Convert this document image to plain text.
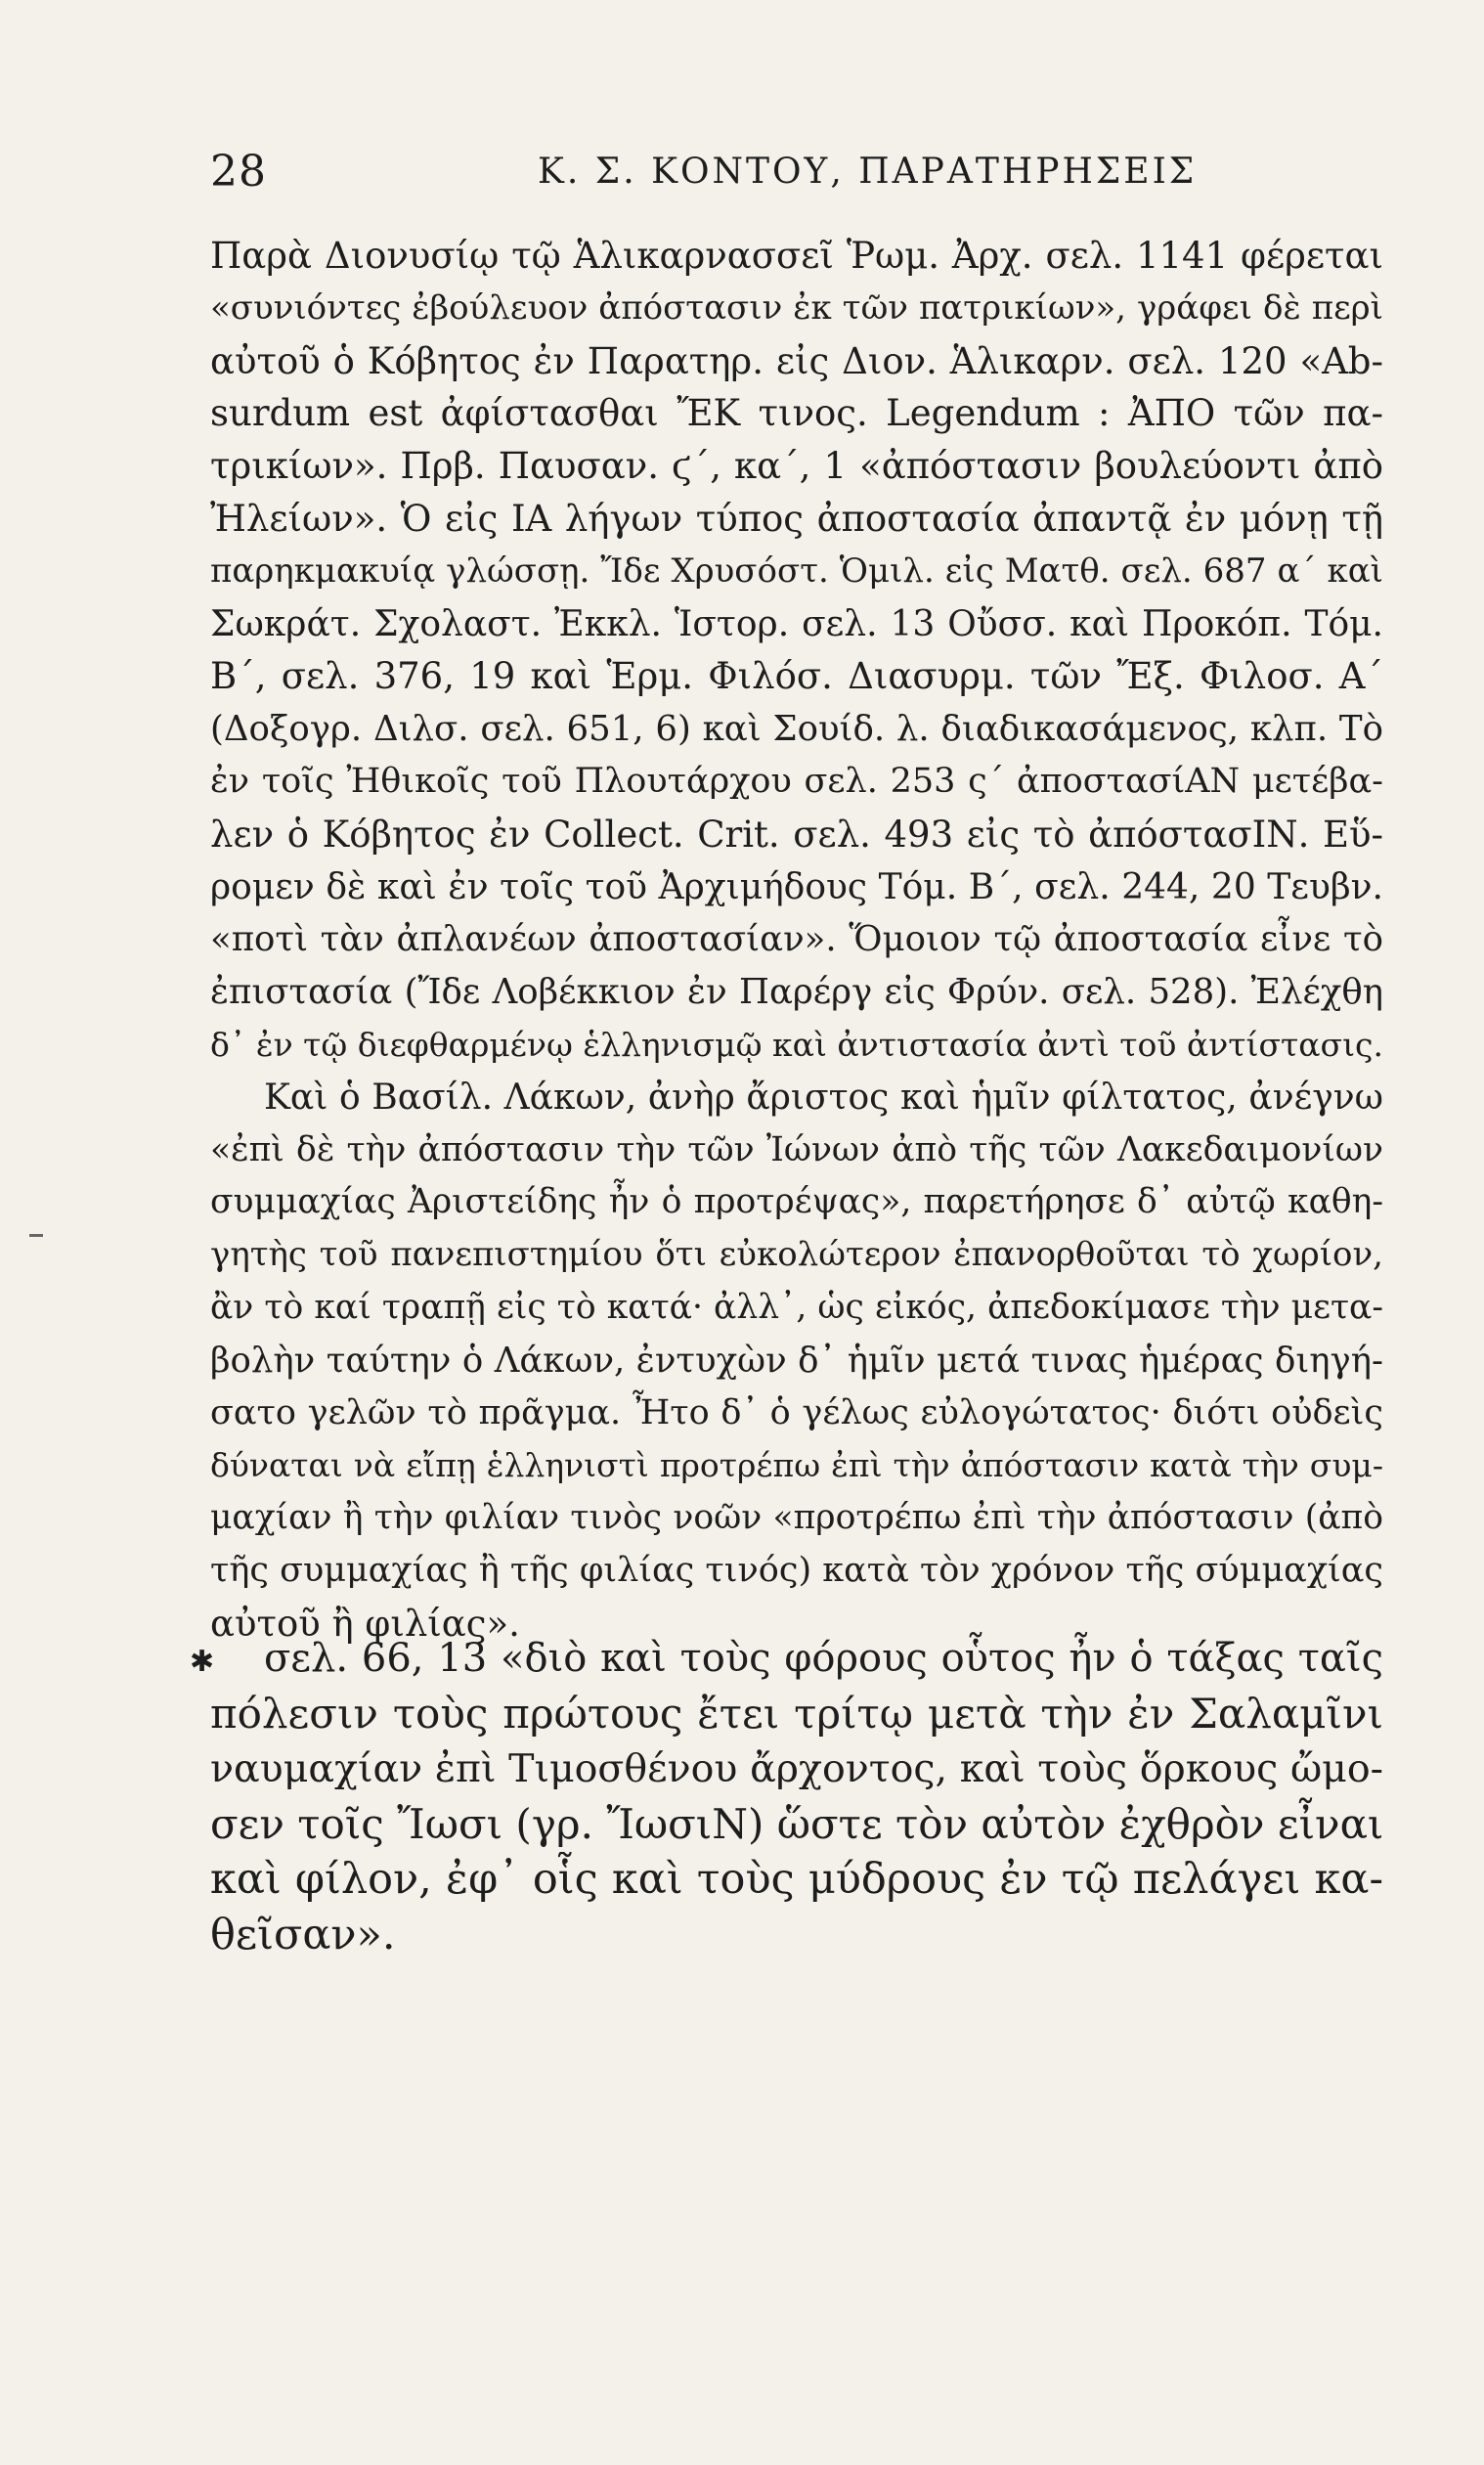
28	Κ. Σ. ΚΟΝΤΟΥ, ΠΑΡΑΤΗΡΗΣΕΙΣ
Παρὰ Διονυσίῳ τῷ Ἁλικαρνασσεῖ Ῥωμ. Ἀρχ. σελ. 1141 φέρεται
«συνιόντες ἐβούλευον ἀπόστασιν ἐκ τῶν πατρικίων», γράφει δὲ περὶ
αὐτοῦ ὁ Κόβητος ἐν Παρατηρ. εἰς Διον. Ἁλικαρν. σελ. 120 «Ab-
surdum est ἀφίστασθαι ἜΚ τινος. Legendum : ἈΠΟ τῶν πα-
τρικίων». Πρβ. Παυσαν. ϛ΄, κα΄, 1 «ἀπόστασιν βουλεύοντι ἀπὸ
Ἠλείων». Ὁ εἰς ΙΑ λήγων τύπος ἀποστασία ἀπαντᾷ ἐν μόνῃ τῇ
παρηκμακυίᾳ γλώσσῃ. Ἴδε Χρυσόστ. Ὁμιλ. εἰς Ματθ. σελ. 687 α΄ καὶ
Σωκράτ. Σχολαστ. Ἐκκλ. Ἱστορ. σελ. 13 Οὔσσ. καὶ Προκόπ. Τόμ.
Β΄, σελ. 376, 19 καὶ Ἑρμ. Φιλόσ. Διασυρμ. τῶν Ἔξ. Φιλοσ. Α΄
(Δοξογρ. Διλσ. σελ. 651, 6) καὶ Σουίδ. λ. διαδικασάμενος, κλπ. Τὸ
ἐν τοῖς Ἠθικοῖς τοῦ Πλουτάρχου σελ. 253 ς΄ ἀποστασίΑΝ μετέβα-
λεν ὁ Κόβητος ἐν Collect. Crit. σελ. 493 εἰς τὸ ἀπόστασΙΝ. Εὕ-
ρομεν δὲ καὶ ἐν τοῖς τοῦ Ἀρχιμήδους Τόμ. Β΄, σελ. 244, 20 Τευβν.
«ποτὶ τὰν ἀπλανέων ἀποστασίαν». Ὅμοιον τῷ ἀποστασία εἶνε τὸ
ἐπιστασία (Ἴδε Λοβέκκιον ἐν Παρέργ εἰς Φρύν. σελ. 528). Ἐλέχθη
δ᾽ ἐν τῷ διεφθαρμένῳ ἑλληνισμῷ καὶ ἀντιστασία ἀντὶ τοῦ ἀντίστασις.
Καὶ ὁ Βασίλ. Λάκων, ἀνὴρ ἄριστος καὶ ἡμῖν φίλτατος, ἀνέγνω
«ἐπὶ δὲ τὴν ἀπόστασιν τὴν τῶν Ἰώνων ἀπὸ τῆς τῶν Λακεδαιμονίων
συμμαχίας Ἀριστείδης ἦν ὁ προτρέψας», παρετήρησε δ᾽ αὐτῷ καθη-
γητὴς τοῦ πανεπιστημίου ὅτι εὐκολώτερον ἐπανορθοῦται τὸ χωρίον,
ἂν τὸ καί τραπῇ εἰς τὸ κατά· ἀλλ᾽, ὡς εἰκός, ἀπεδοκίμασε τὴν μετα-
βολὴν ταύτην ὁ Λάκων, ἐντυχὼν δ᾽ ἡμῖν μετά τινας ἡμέρας διηγή-
σατο γελῶν τὸ πρᾶγμα. Ἦτο δ᾽ ὁ γέλως εὐλογώτατος· διότι οὐδεὶς
δύναται νὰ εἴπῃ ἑλληνιστὶ προτρέπω ἐπὶ τὴν ἀπόστασιν κατὰ τὴν συμ-
μαχίαν ἢ τὴν φιλίαν τινὸς νοῶν «προτρέπω ἐπὶ τὴν ἀπόστασιν (ἀπὸ
τῆς συμμαχίας ἢ τῆς φιλίας τινός) κατὰ τὸν χρόνον τῆς σύμμαχίας
αὐτοῦ ἢ φιλίας».
✱	σελ. 66, 13 «διὸ καὶ τοὺς φόρους οὗτος ἦν ὁ τάξας ταῖς
πόλεσιν τοὺς πρώτους ἔτει τρίτῳ μετὰ τὴν ἐν Σαλαμῖνι
ναυμαχίαν ἐπὶ Τιμοσθένου ἄρχοντος, καὶ τοὺς ὅρκους ὤμο-
σεν τοῖς Ἴωσι (γρ. ἼωσιΝ) ὥστε τὸν αὐτὸν ἐχθρὸν εἶναι
καὶ φίλον, ἐφ᾽ οἷς καὶ τοὺς μύδρους ἐν τῷ πελάγει κα-
θεῖσαν».
